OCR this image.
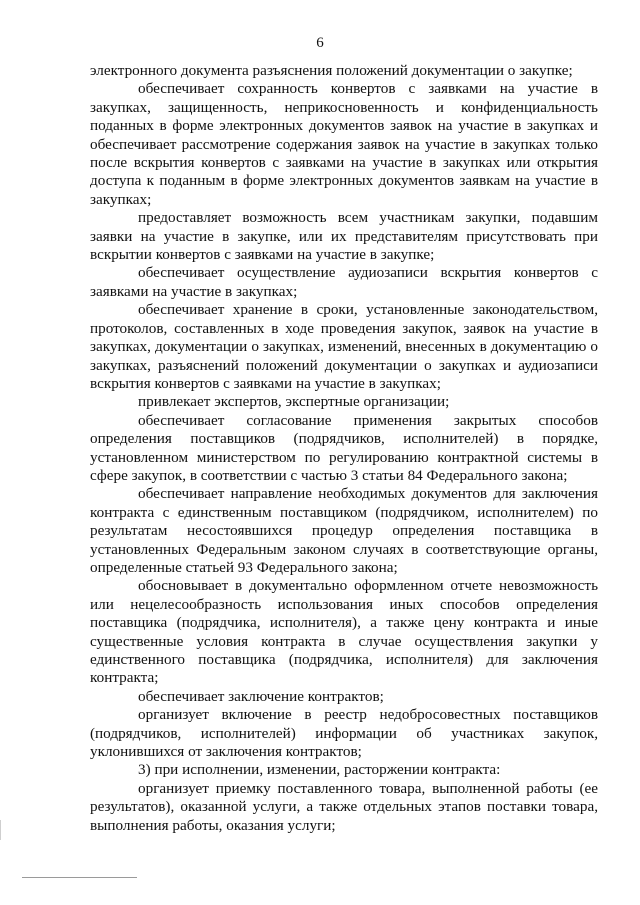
6

электронного документа разъяснения положений документации о закупке;

обеспечивает сохранность конвертов с заявками на участие в закупках, защищенность, неприкосновенность и конфиденциальность поданных в форме электронных документов заявок на участие в закупках и обеспечивает рассмотрение содержания заявок на участие в закупках только после вскрытия конвертов с заявками на участие в закупках или открытия доступа к поданным в форме электронных документов заявкам на участие в закупках;

предоставляет возможность всем участникам закупки, подавшим заявки на участие в закупке, или их представителям присутствовать при вскрытии конвертов с заявками на участие в закупке;

обеспечивает осуществление аудиозаписи вскрытия конвертов с заявками на участие в закупках;

обеспечивает хранение в сроки, установленные законодательством, протоколов, составленных в ходе проведения закупок, заявок на участие в закупках, документации о закупках, изменений, внесенных в документацию о закупках, разъяснений положений документации о закупках и аудиозаписи вскрытия конвертов с заявками на участие в закупках;

привлекает экспертов, экспертные организации;

обеспечивает согласование применения закрытых способов определения поставщиков (подрядчиков, исполнителей) в порядке, установленном министерством по регулированию контрактной системы в сфере закупок, в соответствии с частью 3 статьи 84 Федерального закона;

обеспечивает направление необходимых документов для заключения контракта с единственным поставщиком (подрядчиком, исполнителем) по результатам несостоявшихся процедур определения поставщика в установленных Федеральным законом случаях в соответствующие органы, определенные статьей 93 Федерального закона;

обосновывает в документально оформленном отчете невозможность или нецелесообразность использования иных способов определения поставщика (подрядчика, исполнителя), а также цену контракта и иные существенные условия контракта в случае осуществления закупки у единственного поставщика (подрядчика, исполнителя) для заключения контракта;

обеспечивает заключение контрактов;

организует включение в реестр недобросовестных поставщиков (подрядчиков, исполнителей) информации об участниках закупок, уклонившихся от заключения контрактов;

3) при исполнении, изменении, расторжении контракта:

организует приемку поставленного товара, выполненной работы (ее результатов), оказанной услуги, а также отдельных этапов поставки товара, выполнения работы, оказания услуги;
